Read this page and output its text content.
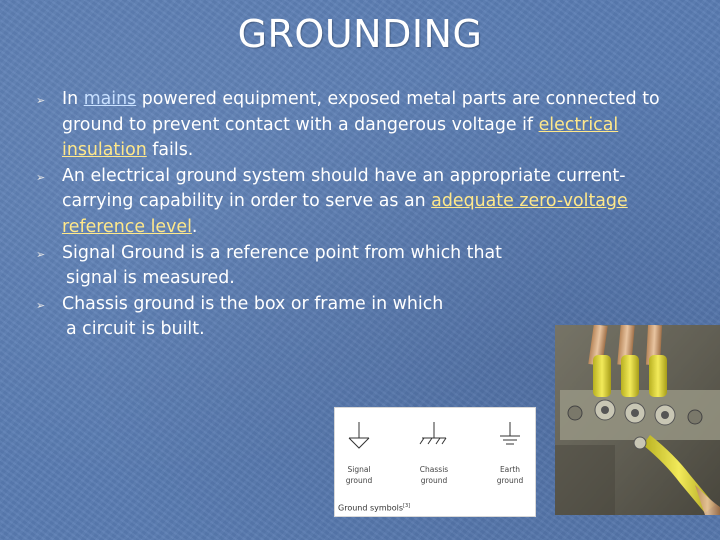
GROUNDING
➢ In mains powered equipment, exposed metal parts are connected to ground to prevent contact with a dangerous voltage if electrical insulation fails.
➢ An electrical ground system should have an appropriate current-carrying capability in order to serve as an adequate zero-voltage reference level.
➢ Signal Ground is a reference point from which that
signal is measured.
➢ Chassis ground is the box or frame in which
a circuit is built.
Signal
ground
Chassis
ground
Earth
ground
Ground symbols[3]
